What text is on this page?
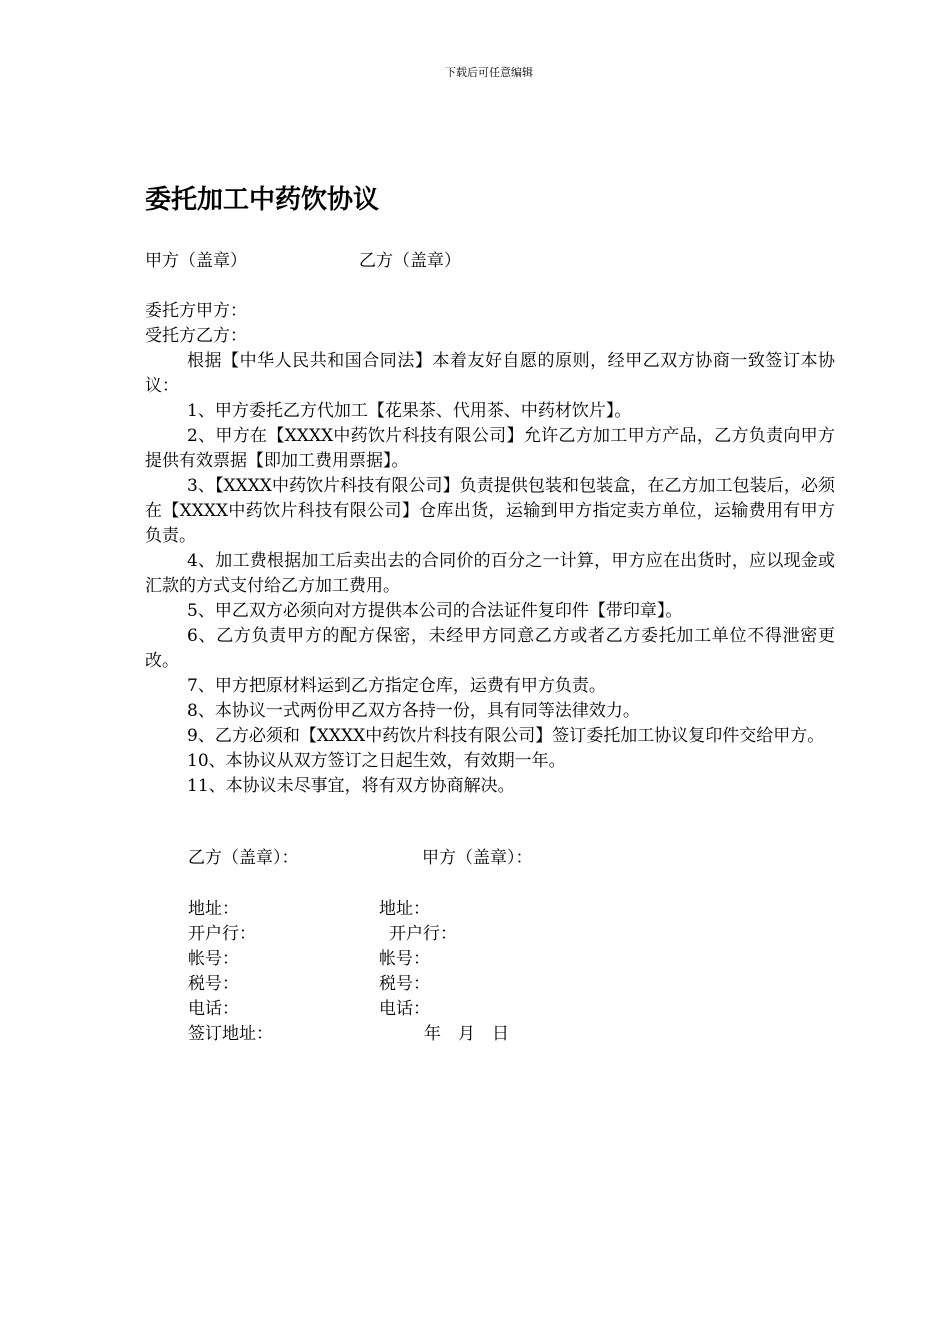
下载后可任意编辑
委托加工中药饮协议
甲方（盖章）	乙方（盖章）

委托方甲方：

受托方乙方：

根据【中华人民共和国合同法】本着友好自愿的原则，经甲乙双方协商一致签订本协议：

1、甲方委托乙方代加工【花果茶、代用茶、中药材饮片】。

2、甲方在【XXXX中药饮片科技有限公司】允许乙方加工甲方产品，乙方负责向甲方提供有效票据【即加工费用票据】。

3、【XXXX中药饮片科技有限公司】负责提供包装和包装盒，在乙方加工包装后，必须在【XXXX中药饮片科技有限公司】仓库出货，运输到甲方指定卖方单位，运输费用有甲方负责。

4、加工费根据加工后卖出去的合同价的百分之一计算，甲方应在出货时，应以现金或汇款的方式支付给乙方加工费用。

5、甲乙双方必须向对方提供本公司的合法证件复印件【带印章】。

6、乙方负责甲方的配方保密，未经甲方同意乙方或者乙方委托加工单位不得泄密更改。

7、甲方把原材料运到乙方指定仓库，运费有甲方负责。

8、本协议一式两份甲乙双方各持一份，具有同等法律效力。

9、乙方必须和【XXXX中药饮片科技有限公司】签订委托加工协议复印件交给甲方。

10、本协议从双方签订之日起生效，有效期一年。

11、本协议未尽事宜，将有双方协商解决。

乙方（盖章）：	甲方（盖章）：
地址：	地址：
开户行：	开户行：
帐号：	帐号：
税号：	税号：
电话：	电话：
签订地址：	年　月　日
